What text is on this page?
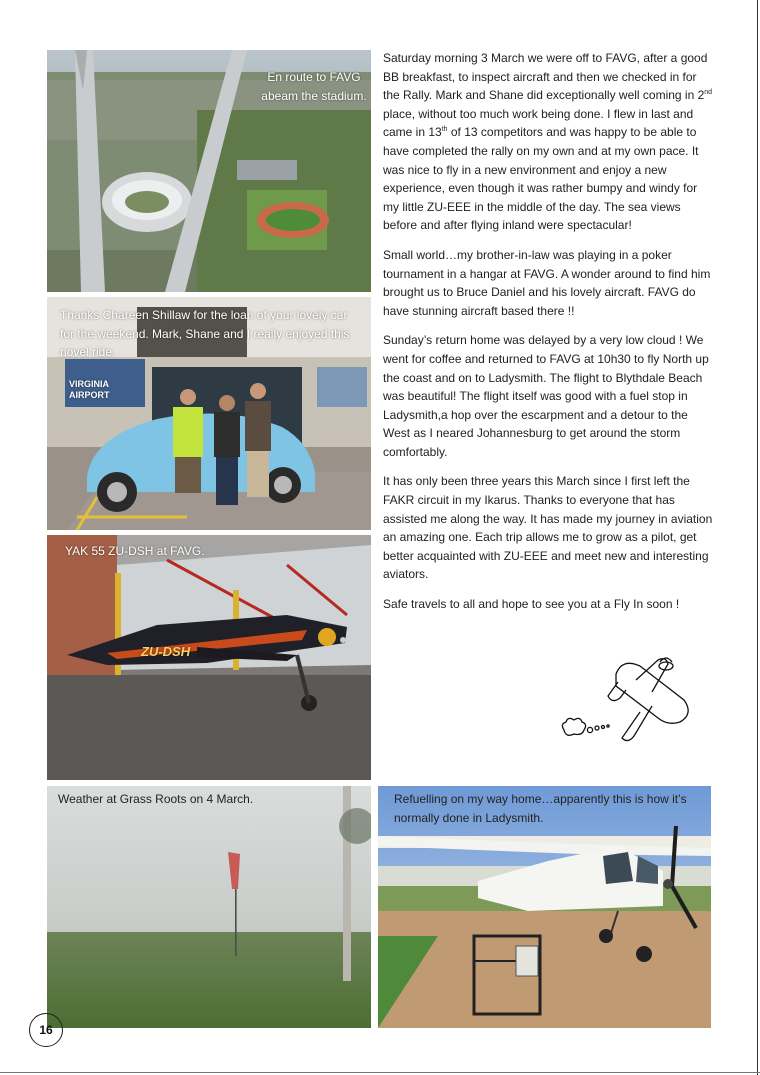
En route to FAVG abeam the stadium.
VIRGINIA AIRPORT
Thanks Chareen Shillaw for the loan of your lovely car for the weekend. Mark, Shane and I really enjoyed this novel ride.
ZU-DSH
YAK 55 ZU-DSH at FAVG.
Weather at Grass Roots on 4 March.	Refuelling on my way home…apparently this is how it’s normally done in Ladysmith.

Saturday morning 3 March we were off to FAVG, after a good BB breakfast, to inspect aircraft and then we checked in for the Rally. Mark and Shane did exceptionally well coming in 2nd place, without too much work being done. I flew in last and came in 13th of 13 competitors and was happy to be able to have completed the rally on my own and at my own pace. It was nice to fly in a new environment and enjoy a new experience, even though it was rather bumpy and windy for my little ZU-EEE in the middle of the day. The sea views before and after flying inland were spectacular!

Small world…my brother-in-law was playing in a poker tournament in a hangar at FAVG. A wonder around to find him brought us to Bruce Daniel and his lovely aircraft. FAVG do have stunning aircraft based there !!

Sunday’s return home was delayed by a very low cloud ! We went for coffee and returned to FAVG at 10h30 to fly North up the coast and on to Ladysmith. The flight to Blythdale Beach was beautiful! The flight itself was good with a fuel stop in Ladysmith,a hop over the escarpment and a detour to the West as I neared Johannesburg to get around the storm comfortably.

It has only been three years this March since I first left the FAKR circuit in my Ikarus. Thanks to everyone that has assisted me along the way. It has made my journey in aviation an amazing one. Each trip allows me to grow as a pilot, get better acquainted with ZU-EEE and meet new and interesting aviators.

Safe travels to all and hope to see you at a Fly In soon !

16
